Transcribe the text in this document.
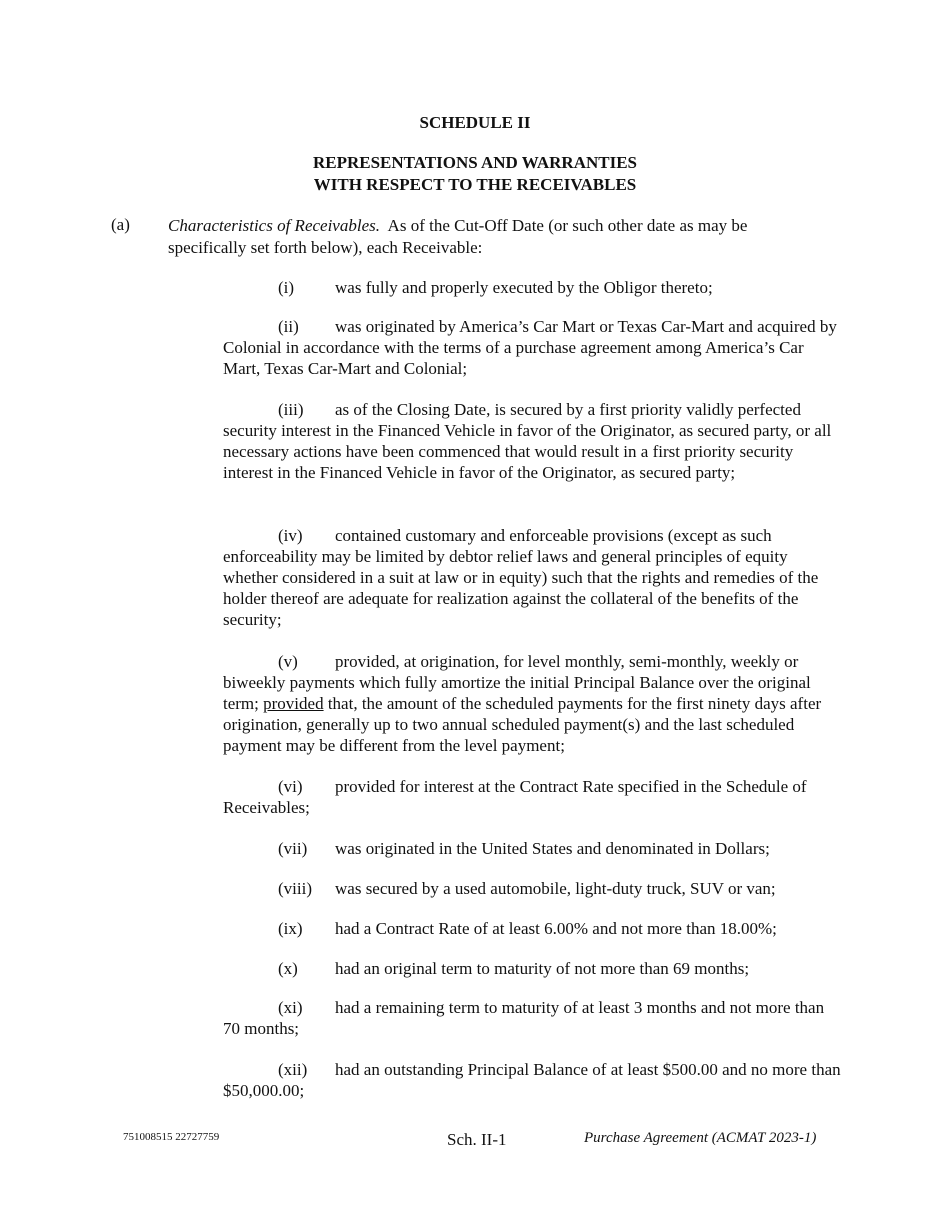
SCHEDULE II
REPRESENTATIONS AND WARRANTIES
WITH RESPECT TO THE RECEIVABLES
(a) Characteristics of Receivables. As of the Cut-Off Date (or such other date as may be specifically set forth below), each Receivable:
(i) was fully and properly executed by the Obligor thereto;
(ii) was originated by America’s Car Mart or Texas Car-Mart and acquired by Colonial in accordance with the terms of a purchase agreement among America’s Car Mart, Texas Car-Mart and Colonial;
(iii) as of the Closing Date, is secured by a first priority validly perfected security interest in the Financed Vehicle in favor of the Originator, as secured party, or all necessary actions have been commenced that would result in a first priority security interest in the Financed Vehicle in favor of the Originator, as secured party;
(iv) contained customary and enforceable provisions (except as such enforceability may be limited by debtor relief laws and general principles of equity whether considered in a suit at law or in equity) such that the rights and remedies of the holder thereof are adequate for realization against the collateral of the benefits of the security;
(v) provided, at origination, for level monthly, semi-monthly, weekly or biweekly payments which fully amortize the initial Principal Balance over the original term; provided that, the amount of the scheduled payments for the first ninety days after origination, generally up to two annual scheduled payment(s) and the last scheduled payment may be different from the level payment;
(vi) provided for interest at the Contract Rate specified in the Schedule of Receivables;
(vii) was originated in the United States and denominated in Dollars;
(viii) was secured by a used automobile, light-duty truck, SUV or van;
(ix) had a Contract Rate of at least 6.00% and not more than 18.00%;
(x) had an original term to maturity of not more than 69 months;
(xi) had a remaining term to maturity of at least 3 months and not more than 70 months;
(xii) had an outstanding Principal Balance of at least $500.00 and no more than $50,000.00;
751008515 22727759	Sch. II-1	Purchase Agreement (ACMAT 2023-1)
